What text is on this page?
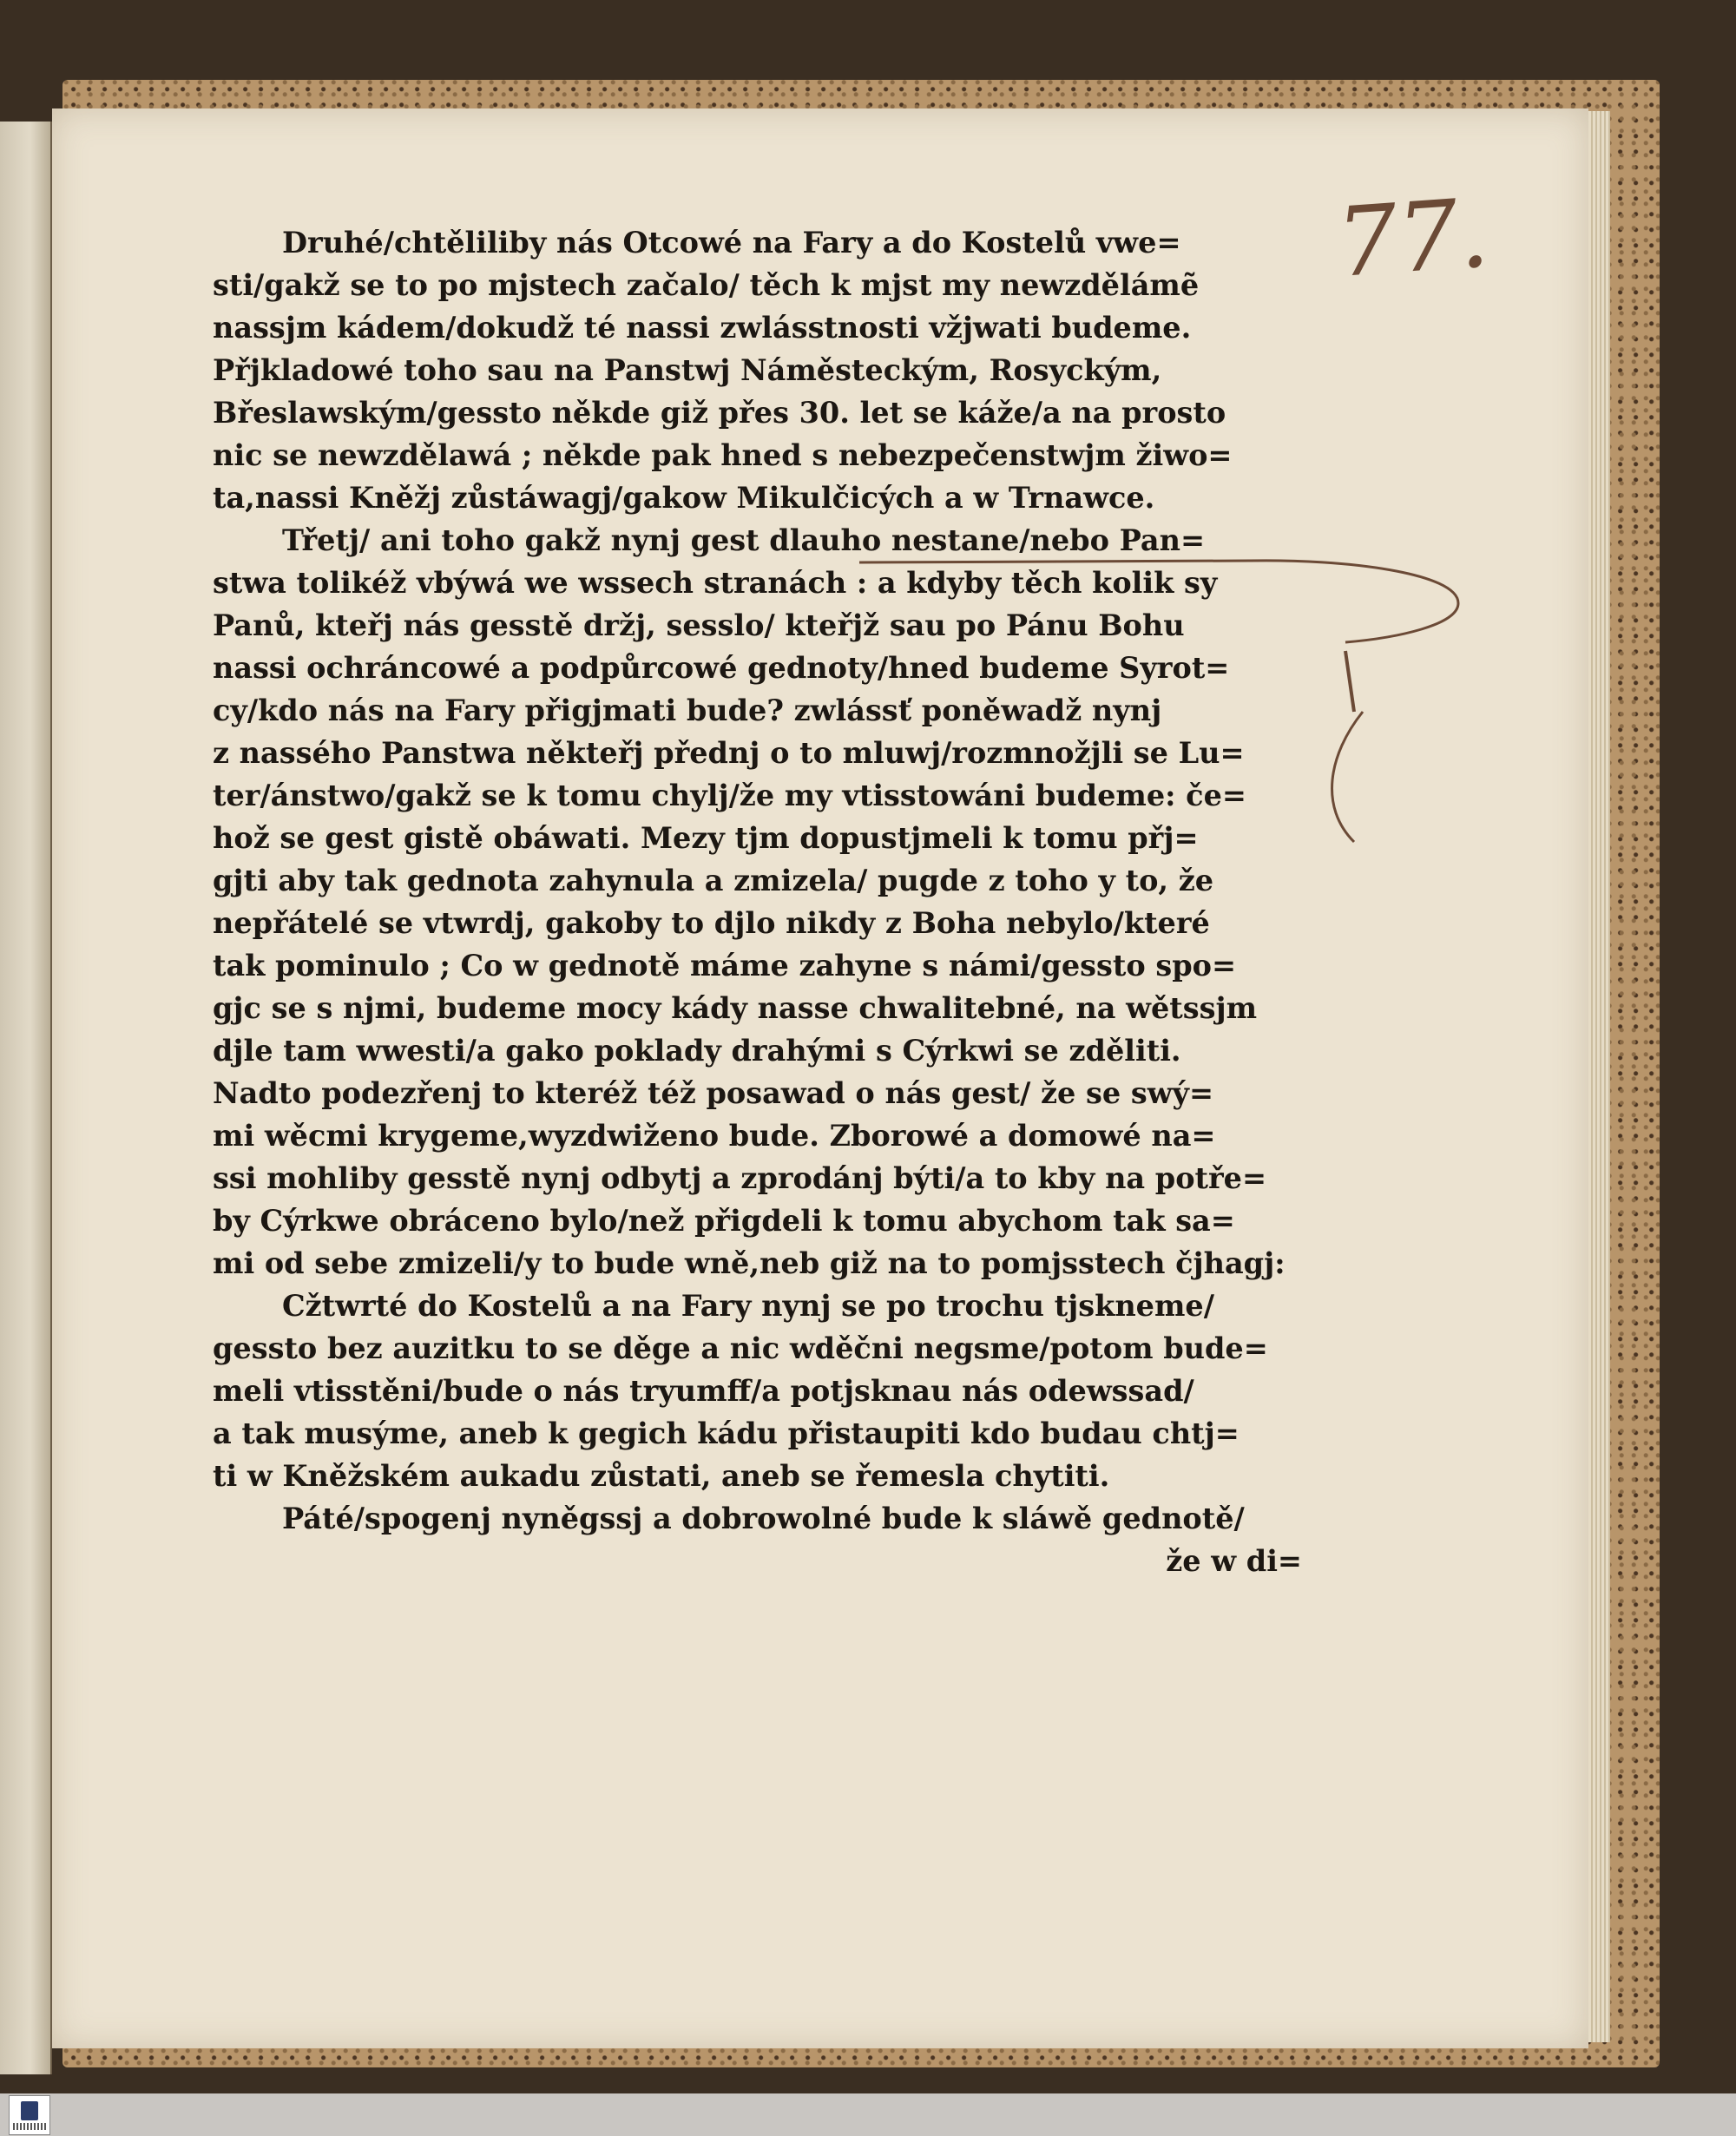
77.
Druhé/chtěliliby nás Otcowé na Fary a do Kostelů vwe=
sti/gakž se to po mjstech začalo/ těch k mjst my newzdělámẽ
nassjm kádem/dokudž té nassi zwlásstnosti vžjwati budeme.
Přjkladowé toho sau na Panstwj Náměsteckým, Rosyckým,
Břeslawským/gessto někde giž přes 30. let se káže/a na prosto
nic se newzdělawá ; někde pak hned s nebezpečenstwjm žiwo=
ta,nassi Kněžj zůstáwagj/gakow Mikulčicých a w Trnawce.
Třetj/ ani toho gakž nynj gest dlauho nestane/nebo Pan=
stwa tolikéž vbýwá we wssech stranách : a kdyby těch kolik sy
Panů, kteřj nás gesstě držj, sesslo/ kteřjž sau po Pánu Bohu
nassi ochráncowé a podpůrcowé gednoty/hned budeme Syrot=
cy/kdo nás na Fary přigjmati bude? zwlássť poněwadž nynj
z nassého Panstwa někteřj přednj o to mluwj/rozmnožjli se Lu=
ter/ánstwo/gakž se k tomu chylj/že my vtisstowáni budeme: če=
hož se gest gistě obáwati. Mezy tjm dopustjmeli k tomu přj=
gjti aby tak gednota zahynula a zmizela/ pugde z toho y to, že
nepřátelé se vtwrdj, gakoby to djlo nikdy z Boha nebylo/které
tak pominulo ; Co w gednotě máme zahyne s námi/gessto spo=
gjc se s njmi, budeme mocy kády nasse chwalitebné, na wětssjm
djle tam wwesti/a gako poklady drahými s Cýrkwi se zděliti.
Nadto podezřenj to kteréž též posawad o nás gest/ že se swý=
mi wěcmi krygeme,wyzdwiženo bude. Zborowé a domowé na=
ssi mohliby gesstě nynj odbytj a zprodánj býti/a to kby na potře=
by Cýrkwe obráceno bylo/než přigdeli k tomu abychom tak sa=
mi od sebe zmizeli/y to bude wně,neb giž na to pomjsstech čjhagj:
Cžtwrté do Kostelů a na Fary nynj se po trochu tjskneme/
gessto bez auzitku to se děge a nic wděčni negsme/potom bude=
meli vtisstěni/bude o nás tryumff/a potjsknau nás odewssad/
a tak musýme, aneb k gegich kádu přistaupiti kdo budau chtj=
ti w Kněžském aukadu zůstati, aneb se řemesla chytiti.
Páté/spogenj nyněgssj a dobrowolné bude k sláwě gednotě/
že w di=
